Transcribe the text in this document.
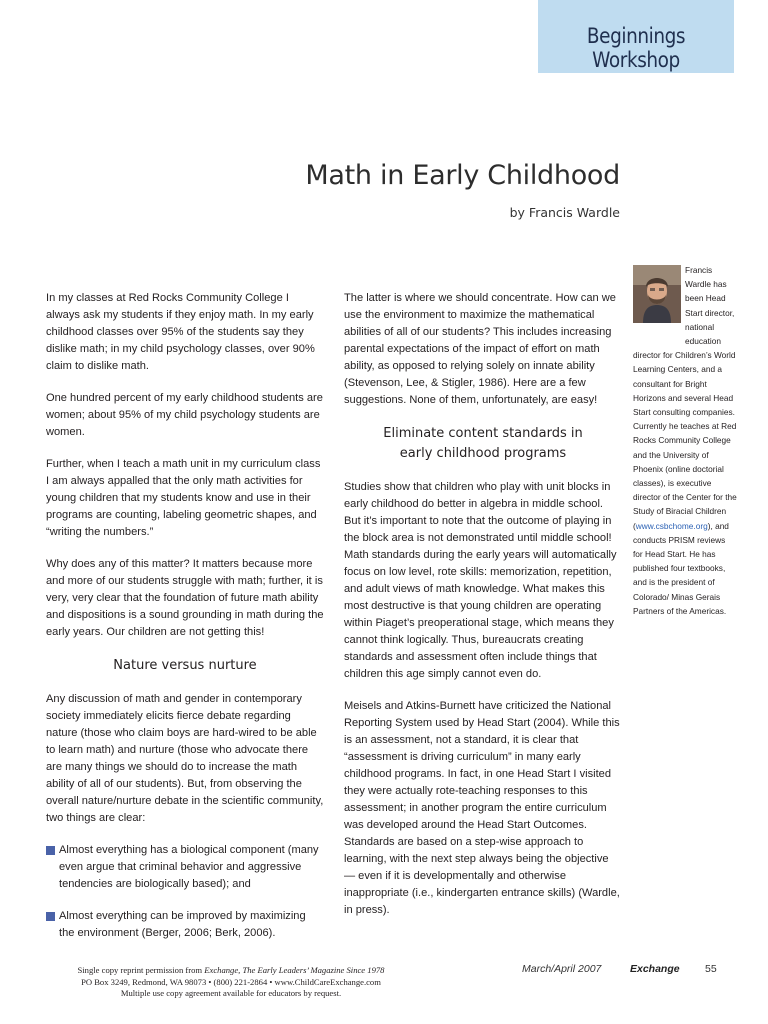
Beginnings Workshop
Math in Early Childhood
by Francis Wardle

In my classes at Red Rocks Community College I always ask my students if they enjoy math. In my early childhood classes over 95% of the students say they dislike math; in my child psychology classes, over 90% claim to dislike math.

One hundred percent of my early childhood students are women; about 95% of my child psychology students are women.

Further, when I teach a math unit in my curriculum class I am always appalled that the only math activities for young children that my students know and use in their programs are counting, labeling geometric shapes, and “writing the numbers.”

Why does any of this matter? It matters because more and more of our students struggle with math; further, it is very, very clear that the foundation of future math ability and dispositions is a sound grounding in math during the early years. Our children are not getting this!

Nature versus nurture

Any discussion of math and gender in contemporary society immediately elicits fierce debate regarding nature (those who claim boys are hard-wired to be able to learn math) and nurture (those who advocate there are many things we should do to increase the math ability of all of our students). But, from observing the overall nature/nurture debate in the scientific community, two things are clear:

Almost everything has a biological component (many even argue that criminal behavior and aggressive tendencies are biologically based); and
Almost everything can be improved by maximizing the environment (Berger, 2006; Berk, 2006).

The latter is where we should concentrate. How can we use the environment to maximize the mathematical abilities of all of our students? This includes increasing parental expectations of the impact of effort on math ability, as opposed to relying solely on innate ability (Stevenson, Lee, & Stigler, 1986). Here are a few suggestions. None of them, unfortunately, are easy!

Eliminate content standards in
early childhood programs

Studies show that children who play with unit blocks in early childhood do better in algebra in middle school. But it’s important to note that the outcome of playing in the block area is not demonstrated until middle school! Math standards during the early years will automatically focus on low level, rote skills: memorization, repetition, and adult views of math knowledge. What makes this most destructive is that young children are operating within Piaget’s preoperational stage, which means they cannot think logically. Thus, bureaucrats creating standards and assessment often include things that children this age simply cannot even do.

Meisels and Atkins-Burnett have criticized the National Reporting System used by Head Start (2004). While this is an assessment, not a standard, it is clear that “assessment is driving curriculum” in many early childhood programs. In fact, in one Head Start I visited they were actually rote-teaching responses to this assessment; in another program the entire curriculum was developed around the Head Start Outcomes. Standards are based on a step-wise approach to learning, with the next step always being the objective — even if it is developmentally and otherwise inappropriate (i.e., kindergarten entrance skills) (Wardle, in press).

Francis Wardle has been Head Start director, national education director for Children’s World Learning Centers, and a consultant for Bright Horizons and several Head Start consulting companies. Currently he teaches at Red Rocks Community College and the University of Phoenix (online doctorial classes), is executive director of the Center for the Study of Biracial Children (www.csbchome.org), and conducts PRISM reviews for Head Start. He has published four textbooks, and is the president of Colorado/ Minas Gerais Partners of the Americas.
Single copy reprint permission from Exchange, The Early Leaders’ Magazine Since 1978
PO Box 3249, Redmond, WA 98073 • (800) 221-2864 • www.ChildCareExchange.com
Multiple use copy agreement available for educators by request.
March/April 2007	Exchange 55
